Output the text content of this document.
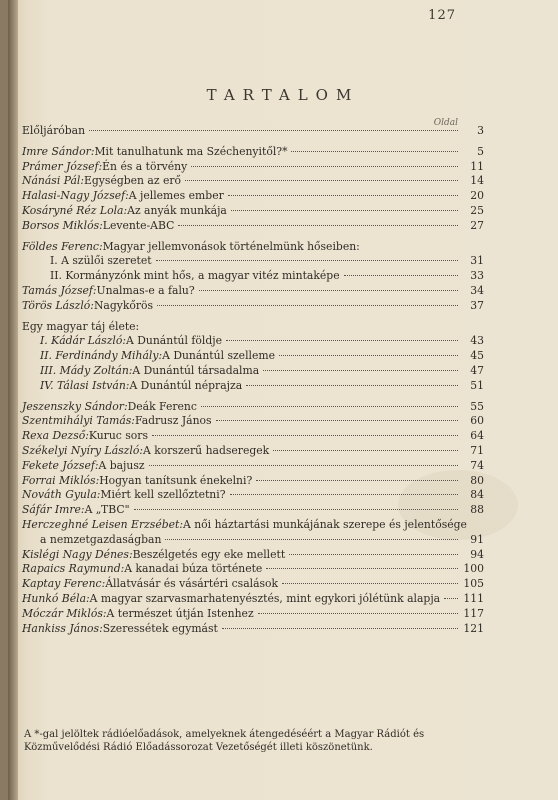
127
TARTALOM
Oldal
Előljáróban	3
Imre Sándor: Mit tanulhatunk ma Széchenyitől?*	5
Prámer József: Én és a törvény	11
Nánási Pál: Egységben az erő	14
Halasi-Nagy József: A jellemes ember	20
Kosáryné Réz Lola: Az anyák munkája	25
Borsos Miklós: Levente-ABC	27
Földes Ferenc: Magyar jellemvonások történelmünk hőseiben:
I. A szülői szeretet	31
II. Kormányzónk mint hős, a magyar vitéz mintaképe	33
Tamás József: Unalmas-e a falu?	34
Törös László: Nagykőrös	37
Egy magyar táj élete:
I. Kádár László: A Dunántúl földje	43
II. Ferdinándy Mihály: A Dunántúl szelleme	45
III. Mády Zoltán: A Dunántúl társadalma	47
IV. Tálasi István: A Dunántúl néprajza	51
Jeszenszky Sándor: Deák Ferenc	55
Szentmihályi Tamás: Fadrusz János	60
Rexa Dezső: Kuruc sors	64
Székelyi Nyíry László: A korszerű hadseregek	71
Fekete József: A bajusz	74
Forrai Miklós: Hogyan tanítsunk énekelni?	80
Nováth Gyula: Miért kell szellőztetni?	84
Sáfár Imre: A „TBC"	88
Herczeghné Leisen Erzsébet: A női háztartási munkájának szerepe és jelentősége
a nemzetgazdaságban	91
Kislégi Nagy Dénes: Beszélgetés egy eke mellett	94
Rapaics Raymund: A kanadai búza története	100
Kaptay Ferenc: Állatvásár és vásártéri csalások	105
Hunkó Béla: A magyar szarvasmarhatenyésztés, mint egykori jólétünk alapja 111
Móczár Miklós: A természet útján Istenhez	117
Hankiss János: Szeressétek egymást	121
A *-gal jelöltek rádióelőadások, amelyeknek átengedéséért a Magyar Rádiót és Közművelődési Rádió Előadássorozat Vezetőségét illeti köszönetünk.
